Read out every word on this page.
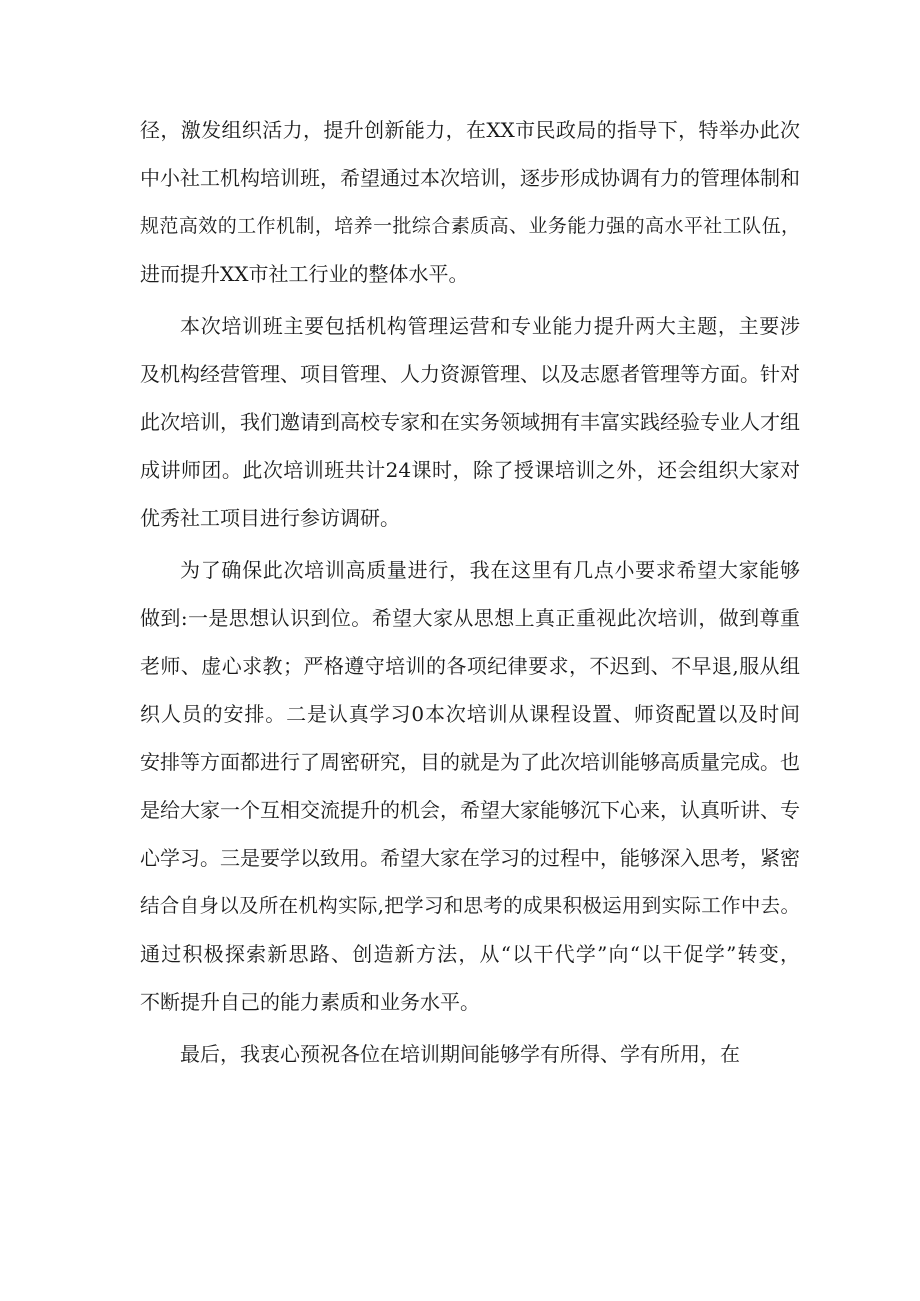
径，激发组织活力，提升创新能力，在XX市民政局的指导下，特举办此次

中小社工机构培训班，希望通过本次培训，逐步形成协调有力的管理体制和

规范高效的工作机制，培养一批综合素质高、业务能力强的高水平社工队伍，

进而提升XX市社工行业的整体水平。

本次培训班主要包括机构管理运营和专业能力提升两大主题，主要涉

及机构经营管理、项目管理、人力资源管理、以及志愿者管理等方面。针对

此次培训，我们邀请到高校专家和在实务领域拥有丰富实践经验专业人才组

成讲师团。此次培训班共计24课时，除了授课培训之外，还会组织大家对

优秀社工项目进行参访调研。

为了确保此次培训高质量进行，我在这里有几点小要求希望大家能够

做到:一是思想认识到位。希望大家从思想上真正重视此次培训，做到尊重

老师、虚心求教；严格遵守培训的各项纪律要求，不迟到、不早退,服从组

织人员的安排。二是认真学习0本次培训从课程设置、师资配置以及时间

安排等方面都进行了周密研究，目的就是为了此次培训能够高质量完成。也

是给大家一个互相交流提升的机会，希望大家能够沉下心来，认真听讲、专

心学习。三是要学以致用。希望大家在学习的过程中，能够深入思考，紧密

结合自身以及所在机构实际,把学习和思考的成果积极运用到实际工作中去。

通过积极探索新思路、创造新方法，从“以干代学”向“以干促学”转变，

不断提升自己的能力素质和业务水平。

最后，我衷心预祝各位在培训期间能够学有所得、学有所用，在
